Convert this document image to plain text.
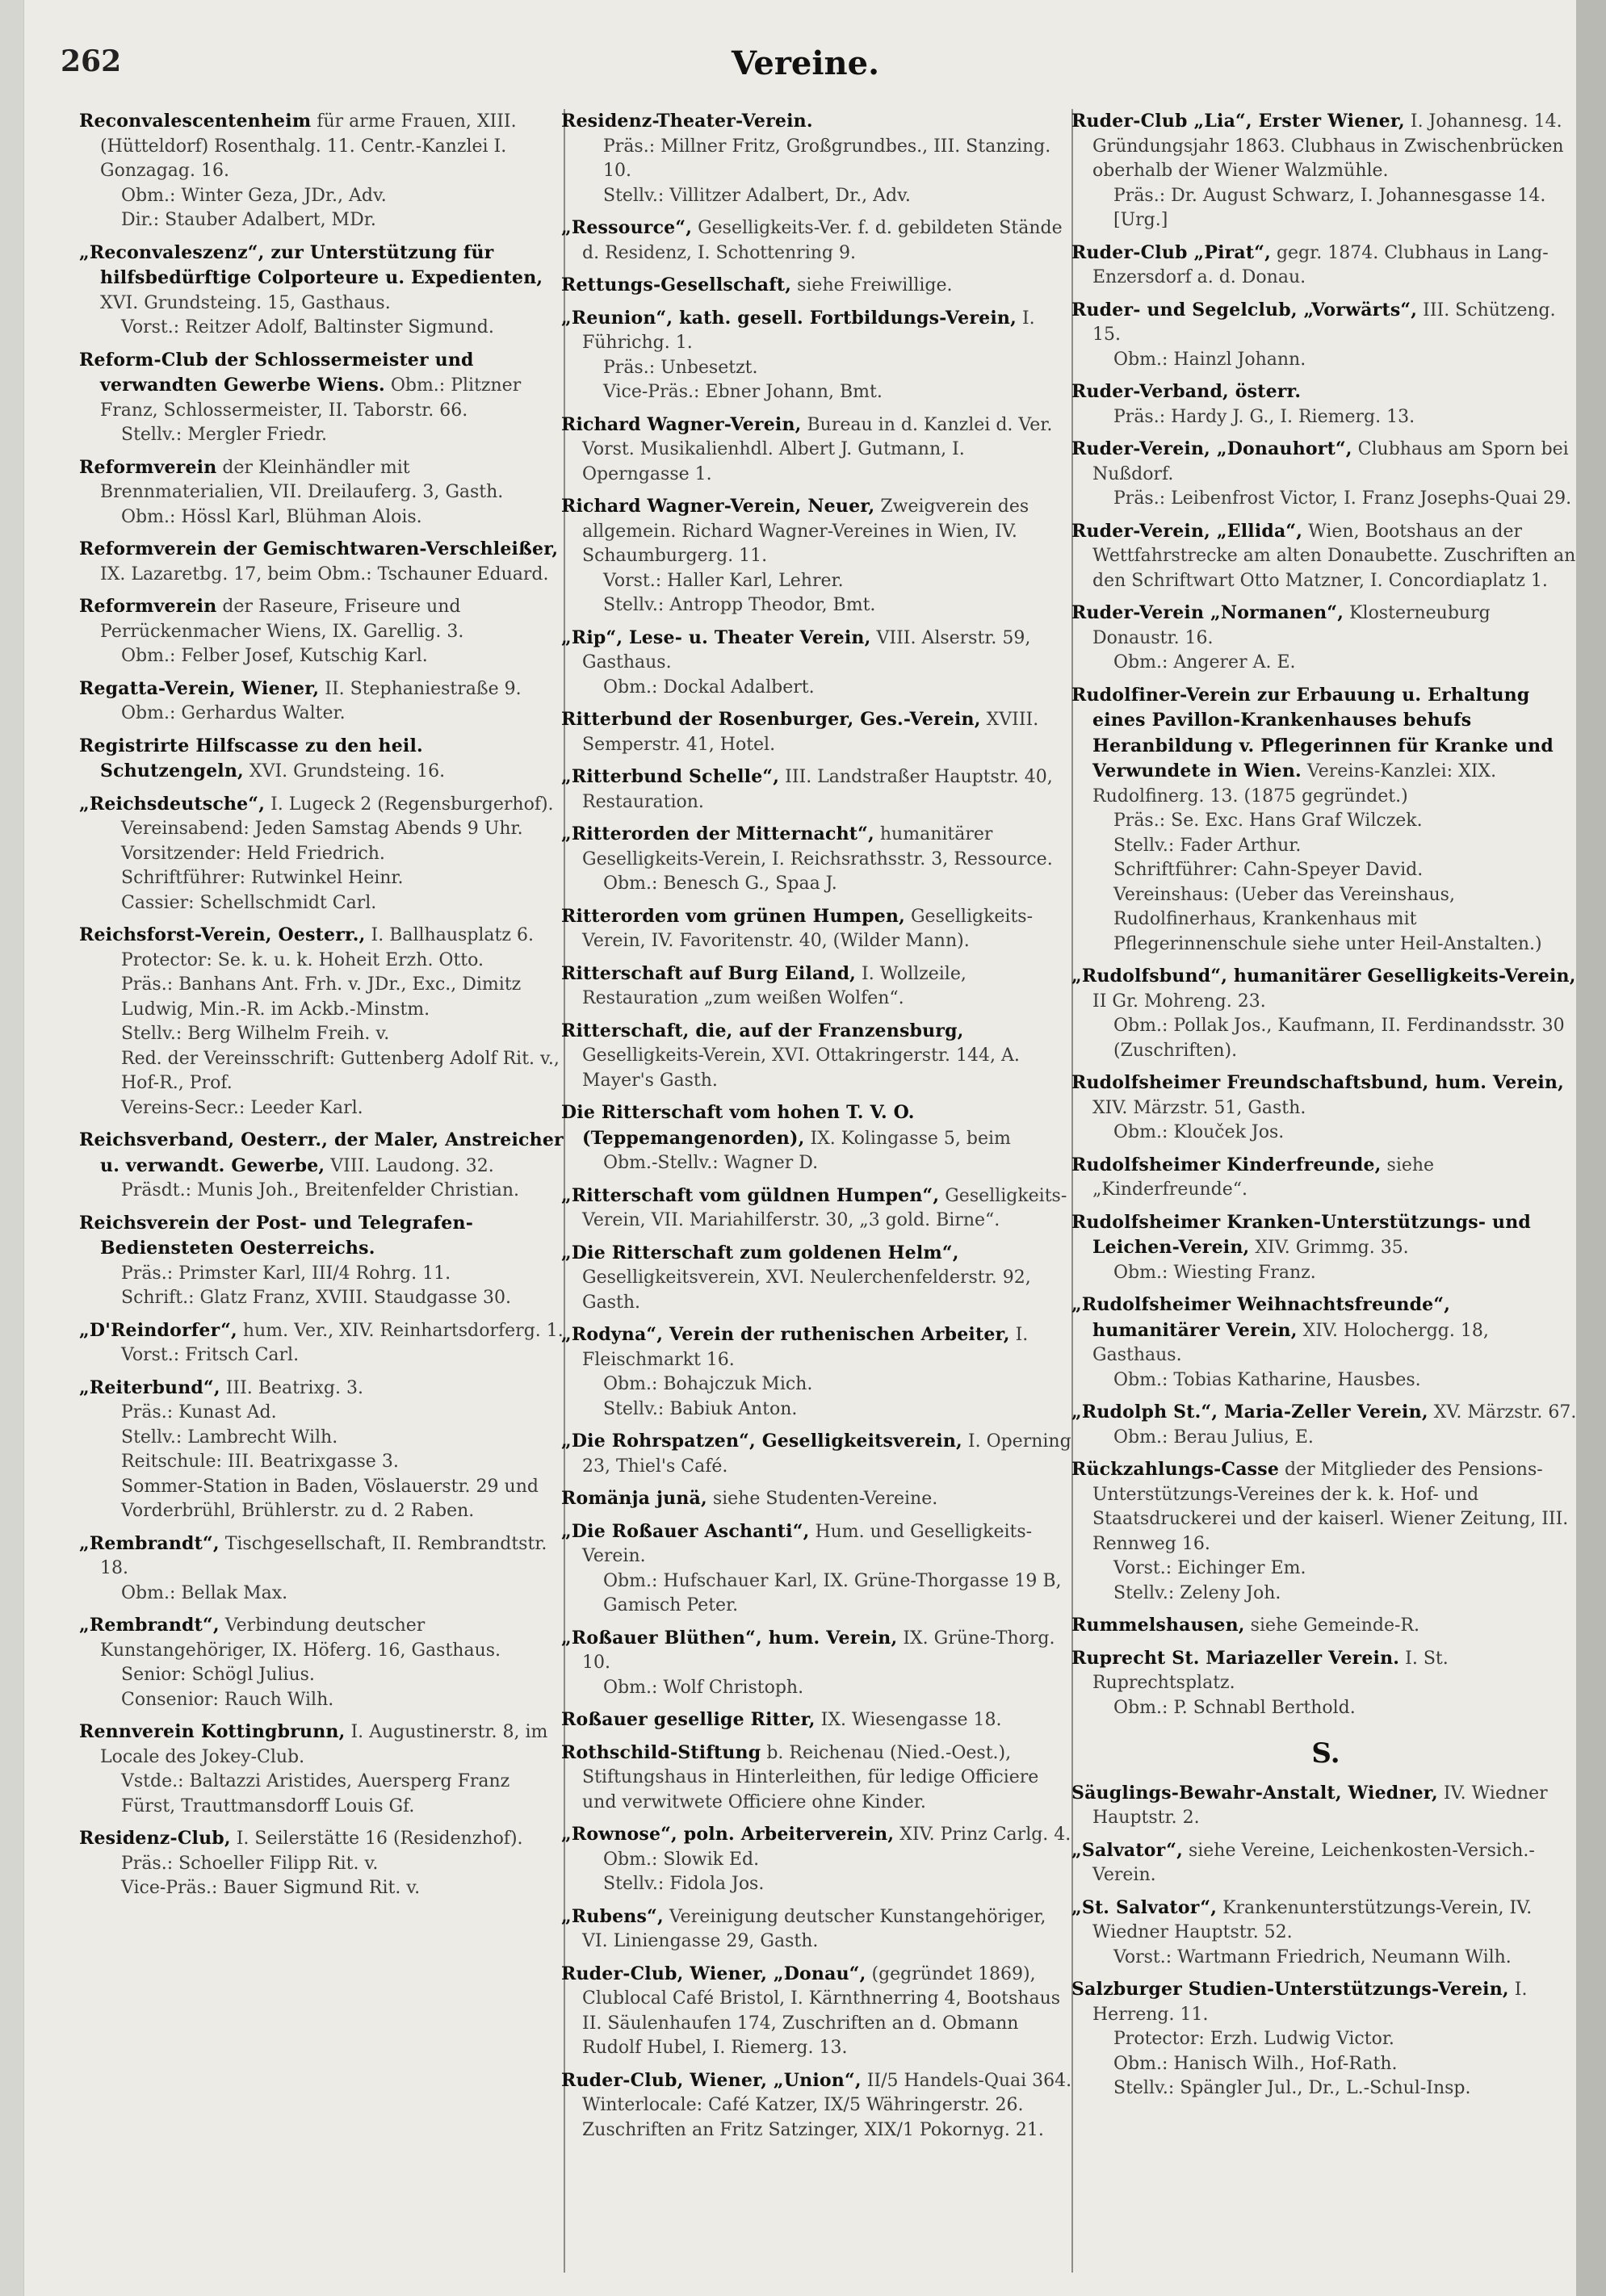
262	Vereine.
Reconvalescentenheim für arme Frauen, XIII. (Hütteldorf) Rosenthalg. 11. Centr.-Kanzlei I. Gonzagag. 16.
Obm.: Winter Geza, JDr., Adv.
Dir.: Stauber Adalbert, MDr.
„Reconvaleszenz“, zur Unterstützung für hilfsbedürftige Colporteure u. Expedienten, XVI. Grundsteing. 15, Gasthaus.
Vorst.: Reitzer Adolf, Baltinster Sigmund.
Reform-Club der Schlossermeister und verwandten Gewerbe Wiens. Obm.: Plitzner Franz, Schlossermeister, II. Taborstr. 66.
Stellv.: Mergler Friedr.
Reformverein der Kleinhändler mit Brennmaterialien, VII. Dreilauferg. 3, Gasth.
Obm.: Hössl Karl, Blühman Alois.
Reformverein der Gemischtwaren-Verschleißer, IX. Lazaretbg. 17, beim Obm.: Tschauner Eduard.
Reformverein der Raseure, Friseure und Perrückenmacher Wiens, IX. Garellig. 3.
Obm.: Felber Josef, Kutschig Karl.
Regatta-Verein, Wiener, II. Stephaniestraße 9.
Obm.: Gerhardus Walter.
Registrirte Hilfscasse zu den heil. Schutzengeln, XVI. Grundsteing. 16.
„Reichsdeutsche“, I. Lugeck 2 (Regensburgerhof).
Vereinsabend: Jeden Samstag Abends 9 Uhr.
Vorsitzender: Held Friedrich.
Schriftführer: Rutwinkel Heinr.
Cassier: Schellschmidt Carl.
Reichsforst-Verein, Oesterr., I. Ballhausplatz 6.
Protector: Se. k. u. k. Hoheit Erzh. Otto.
Präs.: Banhans Ant. Frh. v. JDr., Exc., Dimitz Ludwig, Min.-R. im Ackb.-Minstm.
Stellv.: Berg Wilhelm Freih. v.
Red. der Vereinsschrift: Guttenberg Adolf Rit. v., Hof-R., Prof.
Vereins-Secr.: Leeder Karl.
Reichsverband, Oesterr., der Maler, Anstreicher u. verwandt. Gewerbe, VIII. Laudong. 32.
Präsdt.: Munis Joh., Breitenfelder Christian.
Reichsverein der Post- und Telegrafen-Bediensteten Oesterreichs.
Präs.: Primster Karl, III/4 Rohrg. 11.
Schrift.: Glatz Franz, XVIII. Staudgasse 30.
„D'Reindorfer“, hum. Ver., XIV. Reinhartsdorferg. 1.
Vorst.: Fritsch Carl.
„Reiterbund“, III. Beatrixg. 3.
Präs.: Kunast Ad.
Stellv.: Lambrecht Wilh.
Reitschule: III. Beatrixgasse 3.
Sommer-Station in Baden, Vöslauerstr. 29 und Vorderbrühl, Brühlerstr. zu d. 2 Raben.
„Rembrandt“, Tischgesellschaft, II. Rembrandtstr. 18.
Obm.: Bellak Max.
„Rembrandt“, Verbindung deutscher Kunstangehöriger, IX. Höferg. 16, Gasthaus.
Senior: Schögl Julius.
Consenior: Rauch Wilh.
Rennverein Kottingbrunn, I. Augustinerstr. 8, im Locale des Jokey-Club.
Vstde.: Baltazzi Aristides, Auersperg Franz Fürst, Trauttmansdorff Louis Gf.
Residenz-Club, I. Seilerstätte 16 (Residenzhof).
Präs.: Schoeller Filipp Rit. v.
Vice-Präs.: Bauer Sigmund Rit. v.
Residenz-Theater-Verein.
Präs.: Millner Fritz, Großgrundbes., III. Stanzing. 10.
Stellv.: Villitzer Adalbert, Dr., Adv.
„Ressource“, Geselligkeits-Ver. f. d. gebildeten Stände d. Residenz, I. Schottenring 9.
Rettungs-Gesellschaft, siehe Freiwillige.
„Reunion“, kath. gesell. Fortbildungs-Verein, I. Führichg. 1.
Präs.: Unbesetzt.
Vice-Präs.: Ebner Johann, Bmt.
Richard Wagner-Verein, Bureau in d. Kanzlei d. Ver. Vorst. Musikalienhdl. Albert J. Gutmann, I. Operngasse 1.
Richard Wagner-Verein, Neuer, Zweigverein des allgemein. Richard Wagner-Vereines in Wien, IV. Schaumburgerg. 11.
Vorst.: Haller Karl, Lehrer.
Stellv.: Antropp Theodor, Bmt.
„Rip“, Lese- u. Theater Verein, VIII. Alserstr. 59, Gasthaus.
Obm.: Dockal Adalbert.
Ritterbund der Rosenburger, Ges.-Verein, XVIII. Semperstr. 41, Hotel.
„Ritterbund Schelle“, III. Landstraßer Hauptstr. 40, Restauration.
„Ritterorden der Mitternacht“, humanitärer Geselligkeits-Verein, I. Reichsrathsstr. 3, Ressource.
Obm.: Benesch G., Spaa J.
Ritterorden vom grünen Humpen, Geselligkeits-Verein, IV. Favoritenstr. 40, (Wilder Mann).
Ritterschaft auf Burg Eiland, I. Wollzeile, Restauration „zum weißen Wolfen“.
Ritterschaft, die, auf der Franzensburg, Geselligkeits-Verein, XVI. Ottakringerstr. 144, A. Mayer's Gasth.
Die Ritterschaft vom hohen T. V. O. (Teppemangenorden), IX. Kolingasse 5, beim
Obm.-Stellv.: Wagner D.
„Ritterschaft vom güldnen Humpen“, Geselligkeits-Verein, VII. Mariahilferstr. 30, „3 gold. Birne“.
„Die Ritterschaft zum goldenen Helm“, Geselligkeitsverein, XVI. Neulerchenfelderstr. 92, Gasth.
„Rodyna“, Verein der ruthenischen Arbeiter, I. Fleischmarkt 16.
Obm.: Bohajczuk Mich.
Stellv.: Babiuk Anton.
„Die Rohrspatzen“, Geselligkeitsverein, I. Operning 23, Thiel's Café.
Romänja junä, siehe Studenten-Vereine.
„Die Roßauer Aschanti“, Hum. und Geselligkeits-Verein.
Obm.: Hufschauer Karl, IX. Grüne-Thorgasse 19 B, Gamisch Peter.
„Roßauer Blüthen“, hum. Verein, IX. Grüne-Thorg. 10.
Obm.: Wolf Christoph.
Roßauer gesellige Ritter, IX. Wiesengasse 18.
Rothschild-Stiftung b. Reichenau (Nied.-Oest.), Stiftungshaus in Hinterleithen, für ledige Officiere und verwitwete Officiere ohne Kinder.
„Rownose“, poln. Arbeiterverein, XIV. Prinz Carlg. 4.
Obm.: Slowik Ed.
Stellv.: Fidola Jos.
„Rubens“, Vereinigung deutscher Kunstangehöriger, VI. Liniengasse 29, Gasth.
Ruder-Club, Wiener, „Donau“, (gegründet 1869), Clublocal Café Bristol, I. Kärnthnerring 4, Bootshaus II. Säulenhaufen 174, Zuschriften an d. Obmann Rudolf Hubel, I. Riemerg. 13.
Ruder-Club, Wiener, „Union“, II/5 Handels-Quai 364. Winterlocale: Café Katzer, IX/5 Währingerstr. 26. Zuschriften an Fritz Satzinger, XIX/1 Pokornyg. 21.
Ruder-Club „Lia“, Erster Wiener, I. Johannesg. 14. Gründungsjahr 1863. Clubhaus in Zwischenbrücken oberhalb der Wiener Walzmühle.
Präs.: Dr. August Schwarz, I. Johannesgasse 14. [Urg.]
Ruder-Club „Pirat“, gegr. 1874. Clubhaus in Lang-Enzersdorf a. d. Donau.
Ruder- und Segelclub, „Vorwärts“, III. Schützeng. 15.
Obm.: Hainzl Johann.
Ruder-Verband, österr.
Präs.: Hardy J. G., I. Riemerg. 13.
Ruder-Verein, „Donauhort“, Clubhaus am Sporn bei Nußdorf.
Präs.: Leibenfrost Victor, I. Franz Josephs-Quai 29.
Ruder-Verein, „Ellida“, Wien, Bootshaus an der Wettfahrstrecke am alten Donaubette. Zuschriften an den Schriftwart Otto Matzner, I. Concordiaplatz 1.
Ruder-Verein „Normanen“, Klosterneuburg Donaustr. 16.
Obm.: Angerer A. E.
Rudolfiner-Verein zur Erbauung u. Erhaltung eines Pavillon-Krankenhauses behufs Heranbildung v. Pflegerinnen für Kranke und Verwundete in Wien. Vereins-Kanzlei: XIX. Rudolfinerg. 13. (1875 gegründet.)
Präs.: Se. Exc. Hans Graf Wilczek.
Stellv.: Fader Arthur.
Schriftführer: Cahn-Speyer David.
Vereinshaus: (Ueber das Vereinshaus, Rudolfinerhaus, Krankenhaus mit Pflegerinnenschule siehe unter Heil-Anstalten.)
„Rudolfsbund“, humanitärer Geselligkeits-Verein, II Gr. Mohreng. 23.
Obm.: Pollak Jos., Kaufmann, II. Ferdinandsstr. 30 (Zuschriften).
Rudolfsheimer Freundschaftsbund, hum. Verein, XIV. Märzstr. 51, Gasth.
Obm.: Klouček Jos.
Rudolfsheimer Kinderfreunde, siehe „Kinderfreunde“.
Rudolfsheimer Kranken-Unterstützungs- und Leichen-Verein, XIV. Grimmg. 35.
Obm.: Wiesting Franz.
„Rudolfsheimer Weihnachtsfreunde“, humanitärer Verein, XIV. Holochergg. 18, Gasthaus.
Obm.: Tobias Katharine, Hausbes.
„Rudolph St.“, Maria-Zeller Verein, XV. Märzstr. 67.
Obm.: Berau Julius, E.
Rückzahlungs-Casse der Mitglieder des Pensions-Unterstützungs-Vereines der k. k. Hof- und Staatsdruckerei und der kaiserl. Wiener Zeitung, III. Rennweg 16.
Vorst.: Eichinger Em.
Stellv.: Zeleny Joh.
Rummelshausen, siehe Gemeinde-R.
Ruprecht St. Mariazeller Verein. I. St. Ruprechtsplatz.
Obm.: P. Schnabl Berthold.
S.
Säuglings-Bewahr-Anstalt, Wiedner, IV. Wiedner Hauptstr. 2.
„Salvator“, siehe Vereine, Leichenkosten-Versich.-Verein.
„St. Salvator“, Krankenunterstützungs-Verein, IV. Wiedner Hauptstr. 52.
Vorst.: Wartmann Friedrich, Neumann Wilh.
Salzburger Studien-Unterstützungs-Verein, I. Herreng. 11.
Protector: Erzh. Ludwig Victor.
Obm.: Hanisch Wilh., Hof-Rath.
Stellv.: Spängler Jul., Dr., L.-Schul-Insp.
